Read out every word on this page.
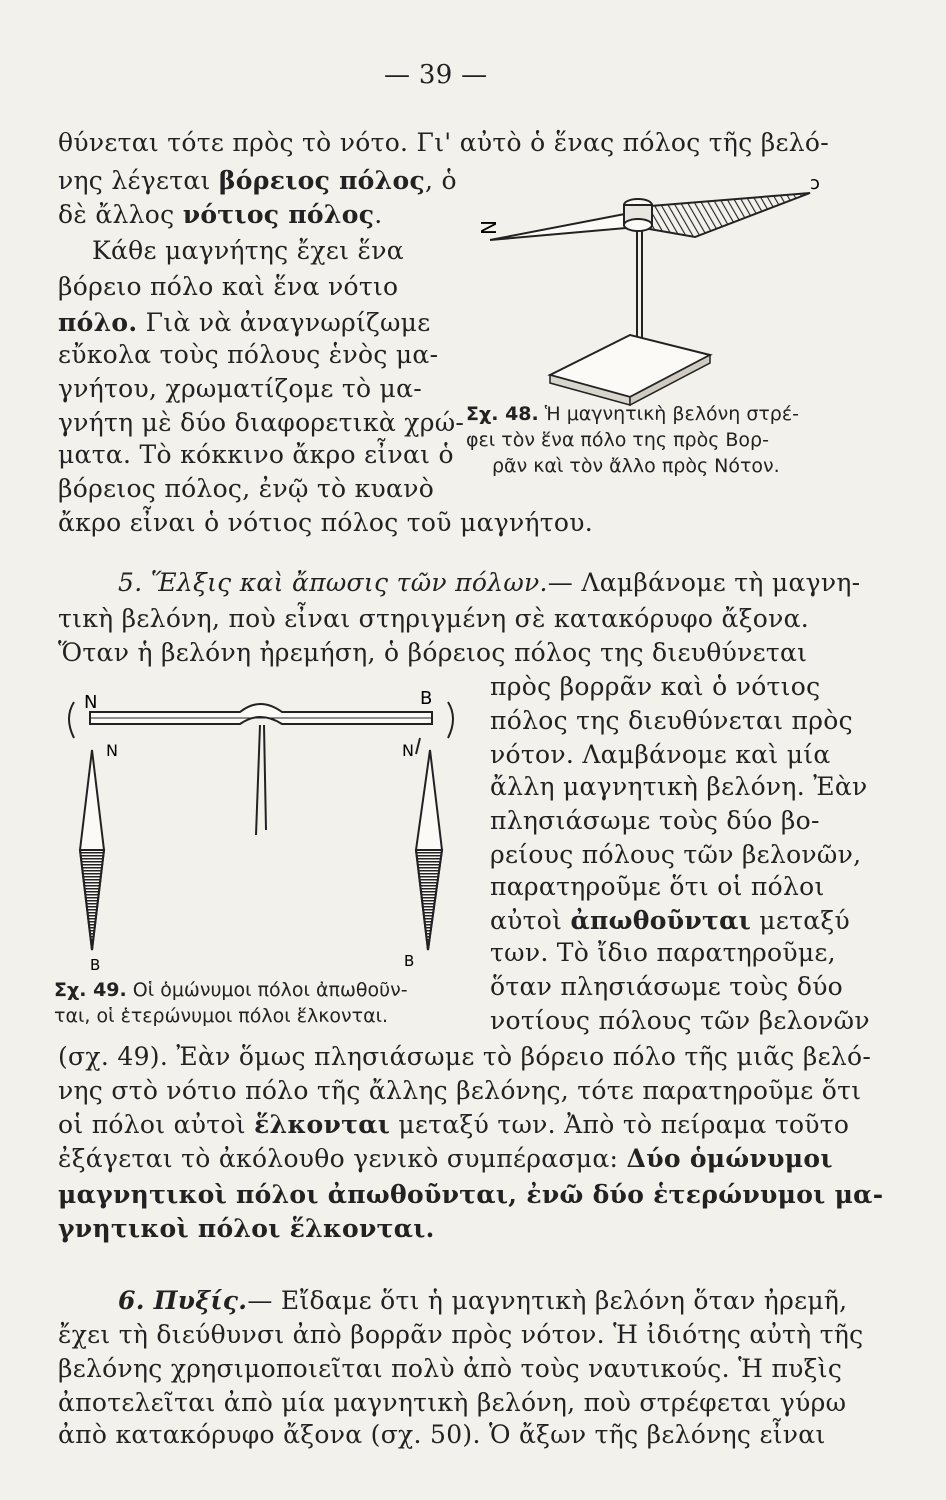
— 39 —
θύνεται τότε πρὸς τὸ νότο. Γι' αὐτὸ ὁ ἕνας πόλος τῆς βελό-
νης λέγεται βόρειος πόλος, ὁ
δὲ ἄλλος νότιος πόλος.
Κάθε μαγνήτης ἔχει ἕνα
βόρειο πόλο καὶ ἕνα νότιο
πόλο. Γιὰ νὰ ἀναγνωρίζωμε
εὔκολα τοὺς πόλους ἑνὸς μα-
γνήτου, χρωματίζομε τὸ μα-
γνήτη μὲ δύο διαφορετικὰ χρώ-
ματα. Τὸ κόκκινο ἄκρο εἶναι ὁ
βόρειος πόλος, ἐνῷ τὸ κυανὸ
ἄκρο εἶναι ὁ νότιος πόλος τοῦ μαγνήτου.
N
ↄ
Σχ. 48. Ἡ μαγνητικὴ βελόνη στρέ-
φει τὸν ἕνα πόλο της πρὸς Βορ-
ρᾶν καὶ τὸν ἄλλο πρὸς Νότον.
5. Ἕλξις καὶ ἄπωσις τῶν πόλων.— Λαμβάνομε τὴ μαγνη-
τικὴ βελόνη, ποὺ εἶναι στηριγμένη σὲ κατακόρυφο ἄξονα.
Ὅταν ἡ βελόνη ἠρεμήση, ὁ βόρειος πόλος της διευθύνεται
N	B
N
B
N
B
πρὸς βορρᾶν καὶ ὁ νότιος
πόλος της διευθύνεται πρὸς
νότον. Λαμβάνομε καὶ μία
ἄλλη μαγνητικὴ βελόνη. Ἐὰν
πλησιάσωμε τοὺς δύο βο-
ρείους πόλους τῶν βελονῶν,
παρατηροῦμε ὅτι οἱ πόλοι
αὐτοὶ ἀπωθοῦνται μεταξύ
των. Τὸ ἴδιο παρατηροῦμε,
ὅταν πλησιάσωμε τοὺς δύο
νοτίους πόλους τῶν βελονῶν
Σχ. 49. Οἱ ὁμώνυμοι πόλοι ἀπωθοῦν-
ται, οἱ ἑτερώνυμοι πόλοι ἕλκονται.
(σχ. 49). Ἐὰν ὅμως πλησιάσωμε τὸ βόρειο πόλο τῆς μιᾶς βελό-
νης στὸ νότιο πόλο τῆς ἄλλης βελόνης, τότε παρατηροῦμε ὅτι
οἱ πόλοι αὐτοὶ ἕλκονται μεταξύ των. Ἀπὸ τὸ πείραμα τοῦτο
ἐξάγεται τὸ ἀκόλουθο γενικὸ συμπέρασμα: Δύο ὁμώνυμοι
μαγνητικοὶ πόλοι ἀπωθοῦνται, ἐνῶ δύο ἑτερώνυμοι μα-
γνητικοὶ πόλοι ἕλκονται.
6. Πυξίς.— Εἴδαμε ὅτι ἡ μαγνητικὴ βελόνη ὅταν ἠρεμῆ,
ἔχει τὴ διεύθυνσι ἀπὸ βορρᾶν πρὸς νότον. Ἡ ἰδιότης αὐτὴ τῆς
βελόνης χρησιμοποιεῖται πολὺ ἀπὸ τοὺς ναυτικούς. Ἡ πυξὶς
ἀποτελεῖται ἀπὸ μία μαγνητικὴ βελόνη, ποὺ στρέφεται γύρω
ἀπὸ κατακόρυφο ἄξονα (σχ. 50). Ὁ ἄξων τῆς βελόνης εἶναι
